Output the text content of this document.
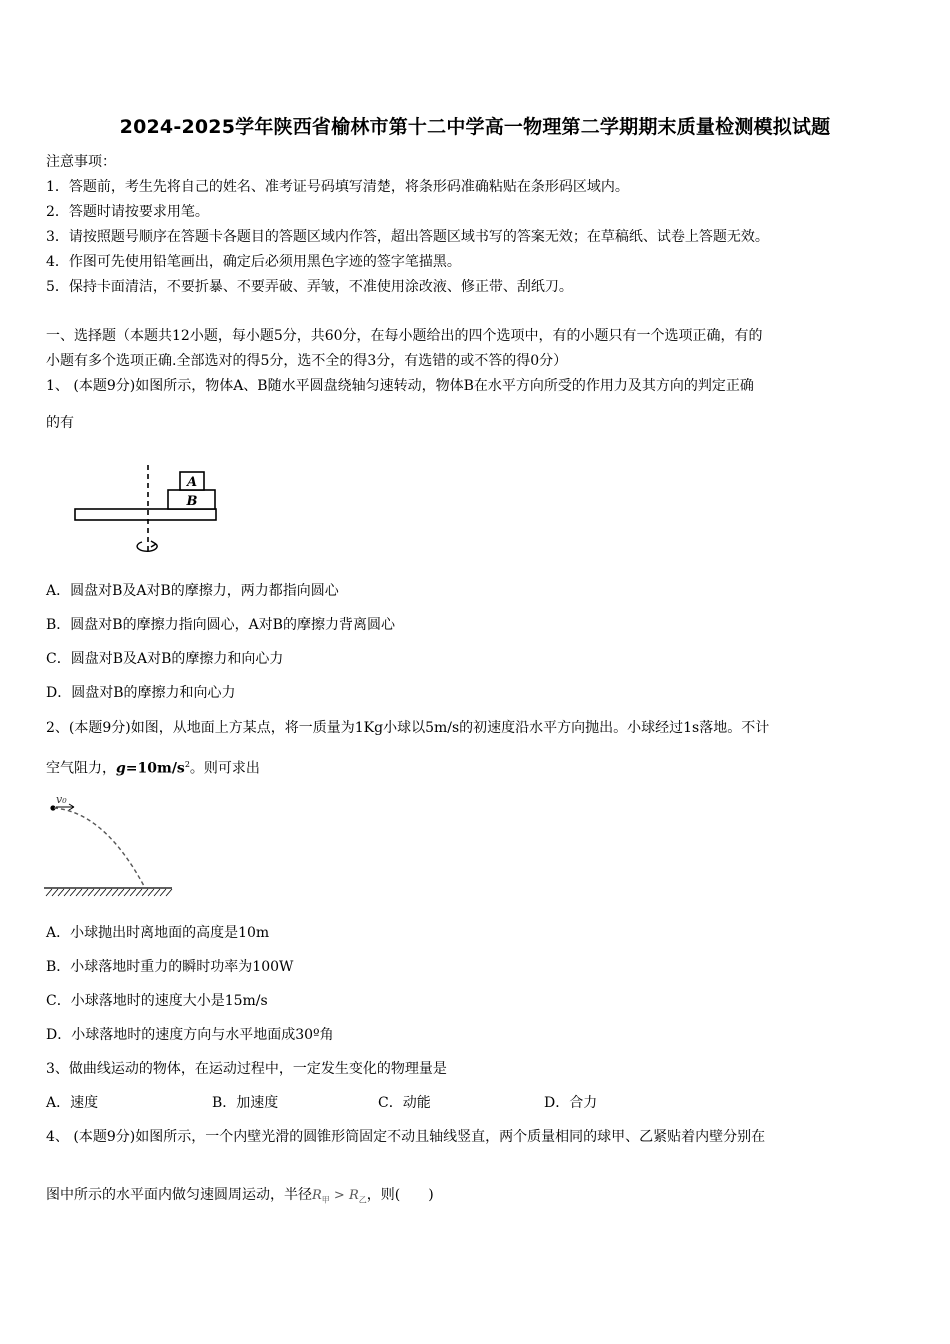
2024-2025学年陕西省榆林市第十二中学高一物理第二学期期末质量检测模拟试题
注意事项：
1．答题前，考生先将自己的姓名、准考证号码填写清楚，将条形码准确粘贴在条形码区域内。
2．答题时请按要求用笔。
3．请按照题号顺序在答题卡各题目的答题区域内作答，超出答题区域书写的答案无效；在草稿纸、试卷上答题无效。
4．作图可先使用铅笔画出，确定后必须用黑色字迹的签字笔描黑。
5．保持卡面清洁，不要折暴、不要弄破、弄皱，不准使用涂改液、修正带、刮纸刀。
一、选择题（本题共12小题，每小题5分，共60分，在每小题给出的四个选项中，有的小题只有一个选项正确，有的
小题有多个选项正确.全部选对的得5分，选不全的得3分，有选错的或不答的得0分）
1、 (本题9分)如图所示，物体A、B随水平圆盘绕轴匀速转动，物体B在水平方向所受的作用力及其方向的判定正确
的有
A
B
A．圆盘对B及A对B的摩擦力，两力都指向圆心
B．圆盘对B的摩擦力指向圆心，A对B的摩擦力背离圆心
C．圆盘对B及A对B的摩擦力和向心力
D．圆盘对B的摩擦力和向心力
2、(本题9分)如图，从地面上方某点，将一质量为1Kg小球以5m/s的初速度沿水平方向抛出。小球经过1s落地。不计
空气阻力，$g=10m/s^2$。则可求出
v₀
A．小球抛出时离地面的高度是10m
B．小球落地时重力的瞬时功率为100W
C．小球落地时的速度大小是15m/s
D．小球落地时的速度方向与水平地面成30º角
3、做曲线运动的物体，在运动过程中，一定发生变化的物理量是
A．速度	B．加速度	C．动能	D．合力
4、 (本题9分)如图所示，一个内壁光滑的圆锥形筒固定不动且轴线竖直，两个质量相同的球甲、乙紧贴着内壁分别在
图中所示的水平面内做匀速圆周运动，半径$R_甲 > R_乙$，则(　　)
